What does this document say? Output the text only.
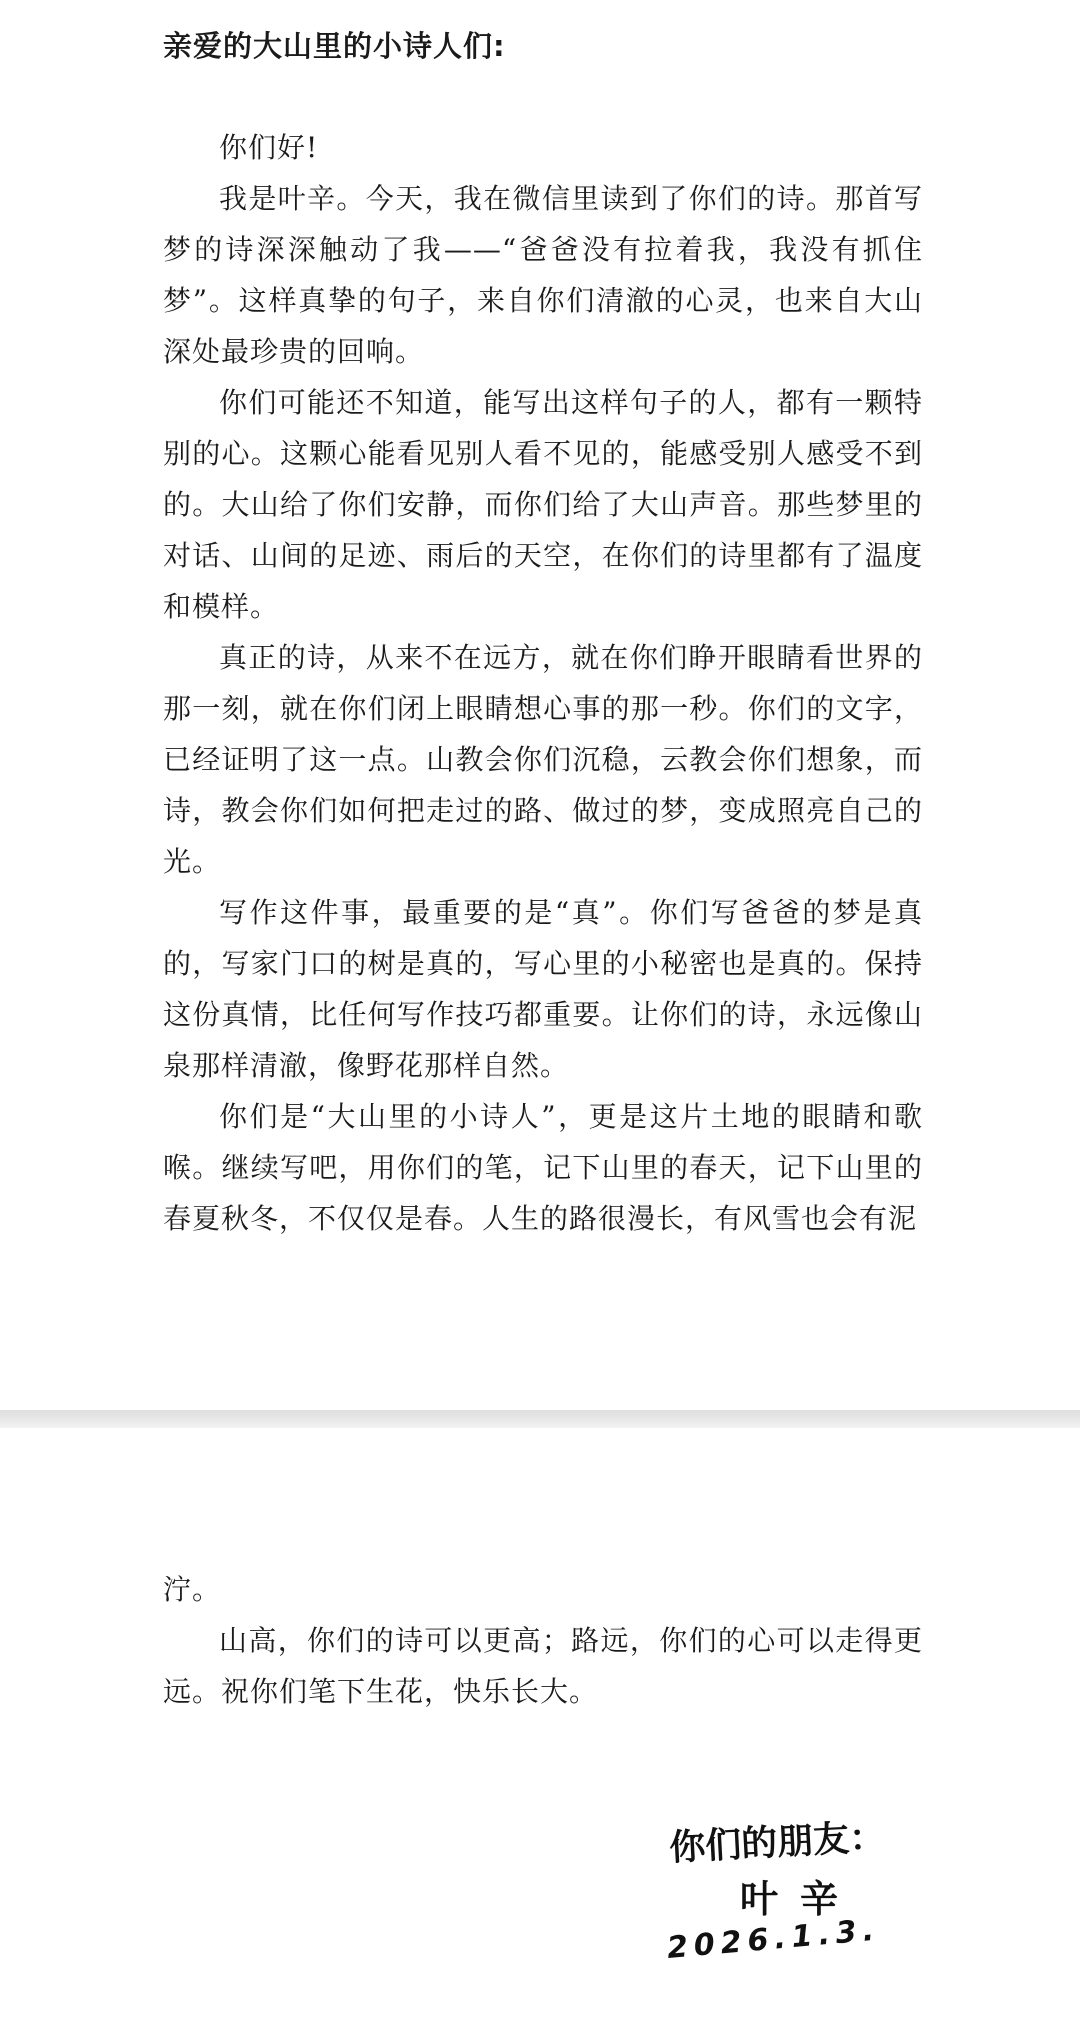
亲爱的大山里的小诗人们:

你们好!

我是叶辛。今天，我在微信里读到了你们的诗。那首写梦的诗深深触动了我——“爸爸没有拉着我，我没有抓住梦”。这样真挚的句子，来自你们清澈的心灵，也来自大山深处最珍贵的回响。

你们可能还不知道，能写出这样句子的人，都有一颗特别的心。这颗心能看见别人看不见的，能感受别人感受不到的。大山给了你们安静，而你们给了大山声音。那些梦里的对话、山间的足迹、雨后的天空，在你们的诗里都有了温度和模样。

真正的诗，从来不在远方，就在你们睁开眼睛看世界的那一刻，就在你们闭上眼睛想心事的那一秒。你们的文字，已经证明了这一点。山教会你们沉稳，云教会你们想象，而诗，教会你们如何把走过的路、做过的梦，变成照亮自己的光。

写作这件事，最重要的是“真”。你们写爸爸的梦是真的，写家门口的树是真的，写心里的小秘密也是真的。保持这份真情，比任何写作技巧都重要。让你们的诗，永远像山泉那样清澈，像野花那样自然。

你们是“大山里的小诗人”，更是这片土地的眼睛和歌喉。继续写吧，用你们的笔，记下山里的春天，记下山里的春夏秋冬，不仅仅是春。人生的路很漫长，有风雪也会有泥

泞。

山高，你们的诗可以更高；路远，你们的心可以走得更远。祝你们笔下生花，快乐长大。

你们的朋友：
叶辛
2026.1.3.
